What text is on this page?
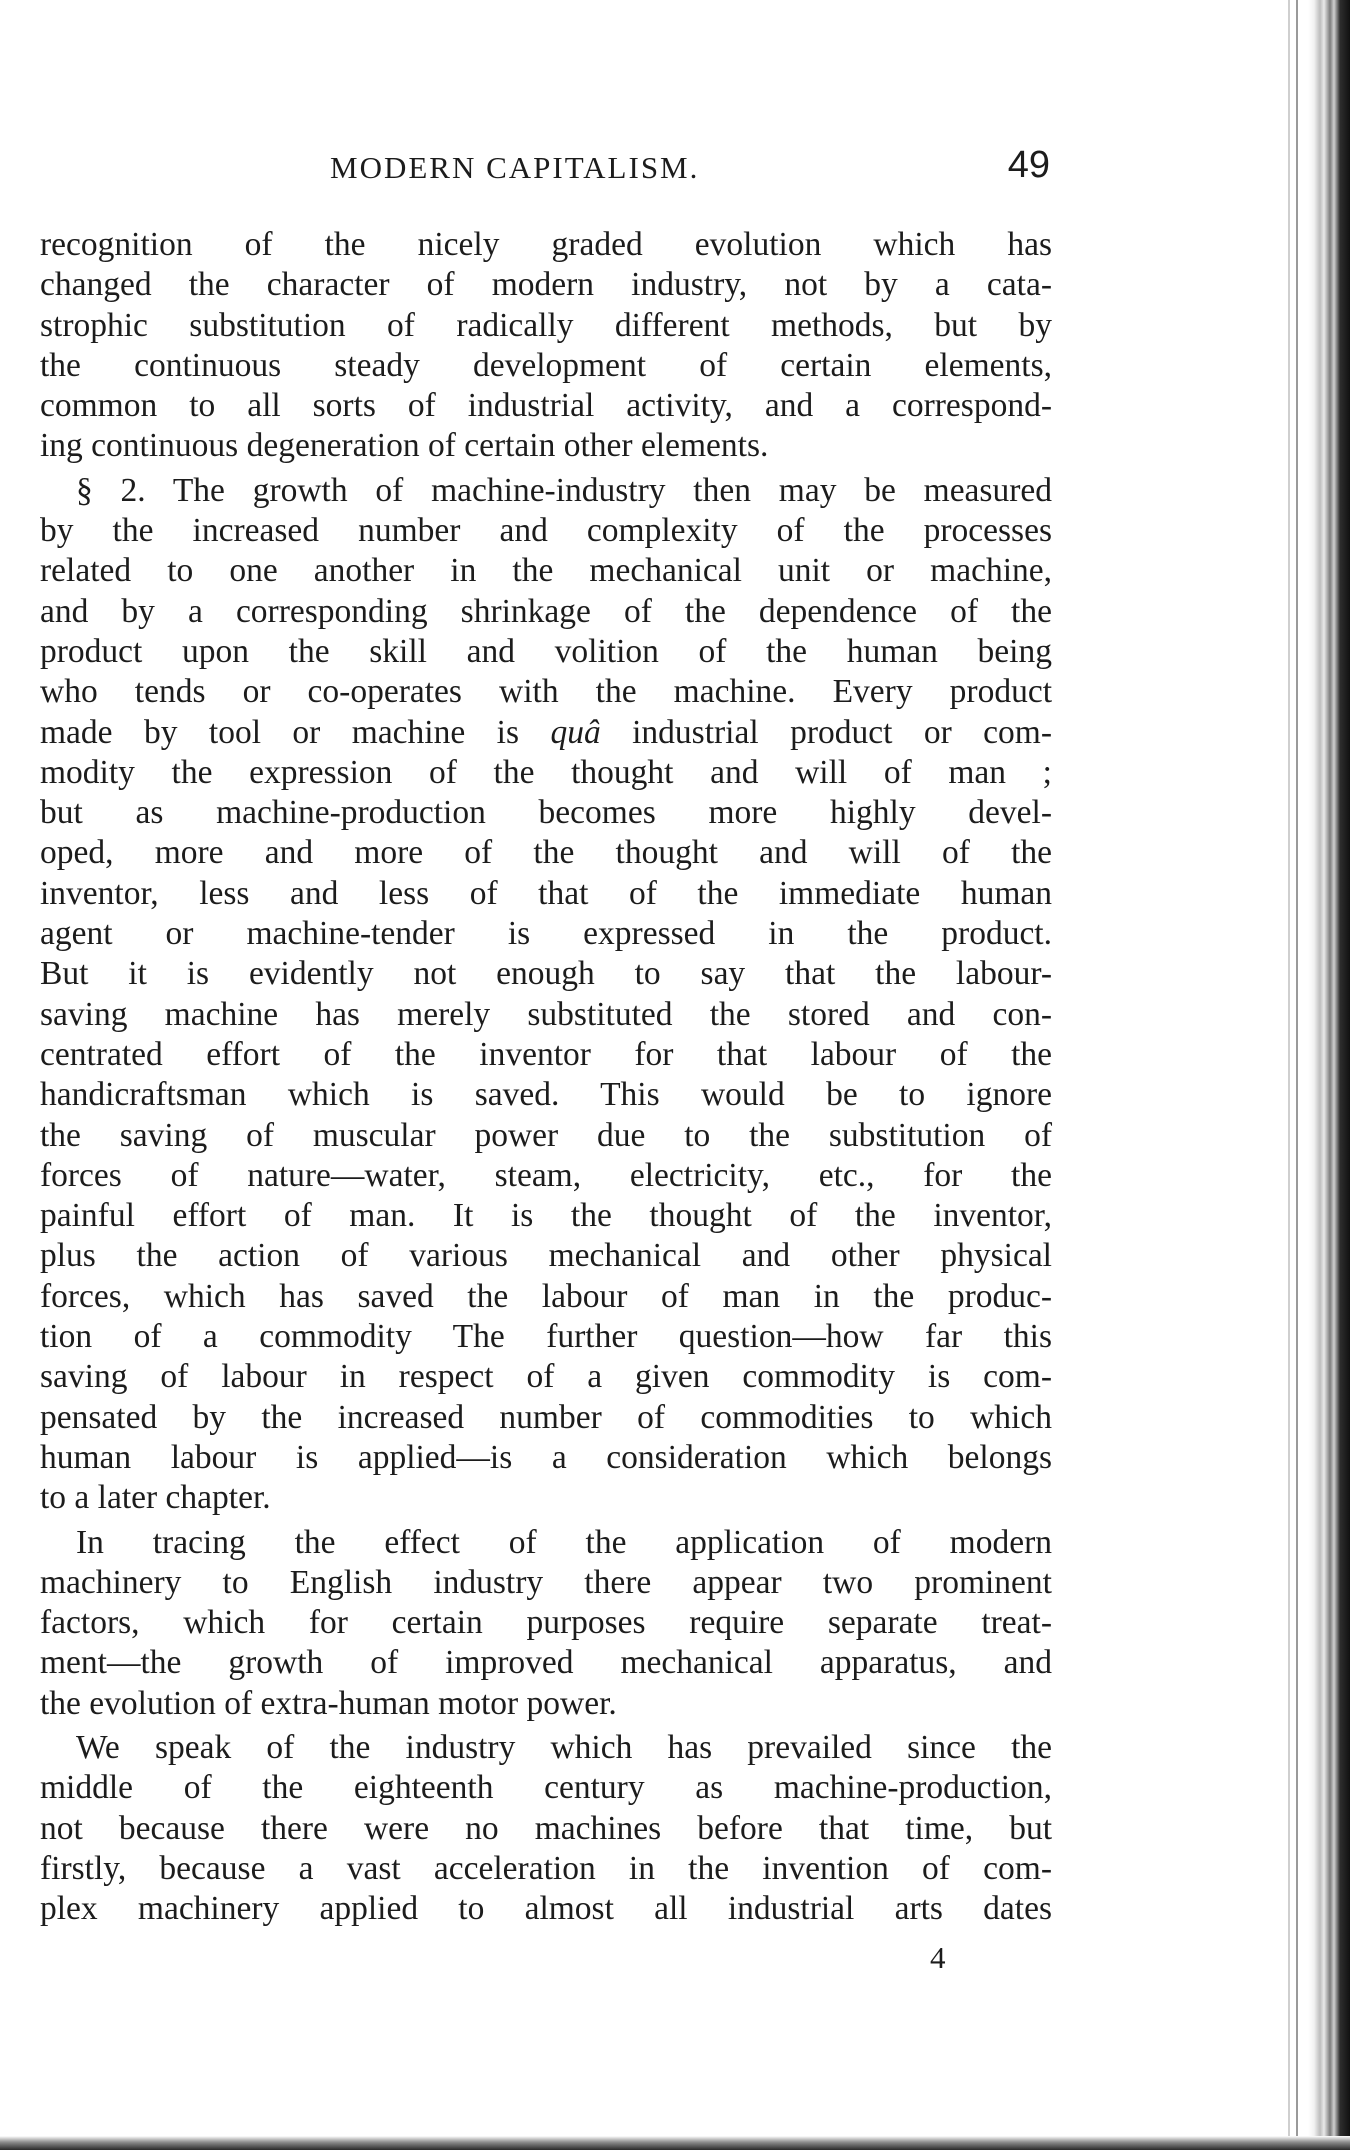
MODERN CAPITALISM.	49
recognition of the nicely graded evolution which has
changed the character of modern industry, not by a cata-
strophic substitution of radically different methods, but by
the continuous steady development of certain elements,
common to all sorts of industrial activity, and a correspond-
ing continuous degeneration of certain other elements.
§ 2. The growth of machine-industry then may be measured
by the increased number and complexity of the processes
related to one another in the mechanical unit or machine,
and by a corresponding shrinkage of the dependence of the
product upon the skill and volition of the human being
who tends or co-operates with the machine. Every product
made by tool or machine is quâ industrial product or com-
modity the expression of the thought and will of man ;
but as machine-production becomes more highly devel-
oped, more and more of the thought and will of the
inventor, less and less of that of the immediate human
agent or machine-tender is expressed in the product.
But it is evidently not enough to say that the labour-
saving machine has merely substituted the stored and con-
centrated effort of the inventor for that labour of the
handicraftsman which is saved. This would be to ignore
the saving of muscular power due to the substitution of
forces of nature—water, steam, electricity, etc., for the
painful effort of man. It is the thought of the inventor,
plus the action of various mechanical and other physical
forces, which has saved the labour of man in the produc-
tion of a commodity The further question—how far this
saving of labour in respect of a given commodity is com-
pensated by the increased number of commodities to which
human labour is applied—is a consideration which belongs
to a later chapter.
In tracing the effect of the application of modern
machinery to English industry there appear two prominent
factors, which for certain purposes require separate treat-
ment—the growth of improved mechanical apparatus, and
the evolution of extra-human motor power.
We speak of the industry which has prevailed since the
middle of the eighteenth century as machine-production,
not because there were no machines before that time, but
firstly, because a vast acceleration in the invention of com-
plex machinery applied to almost all industrial arts dates
4
